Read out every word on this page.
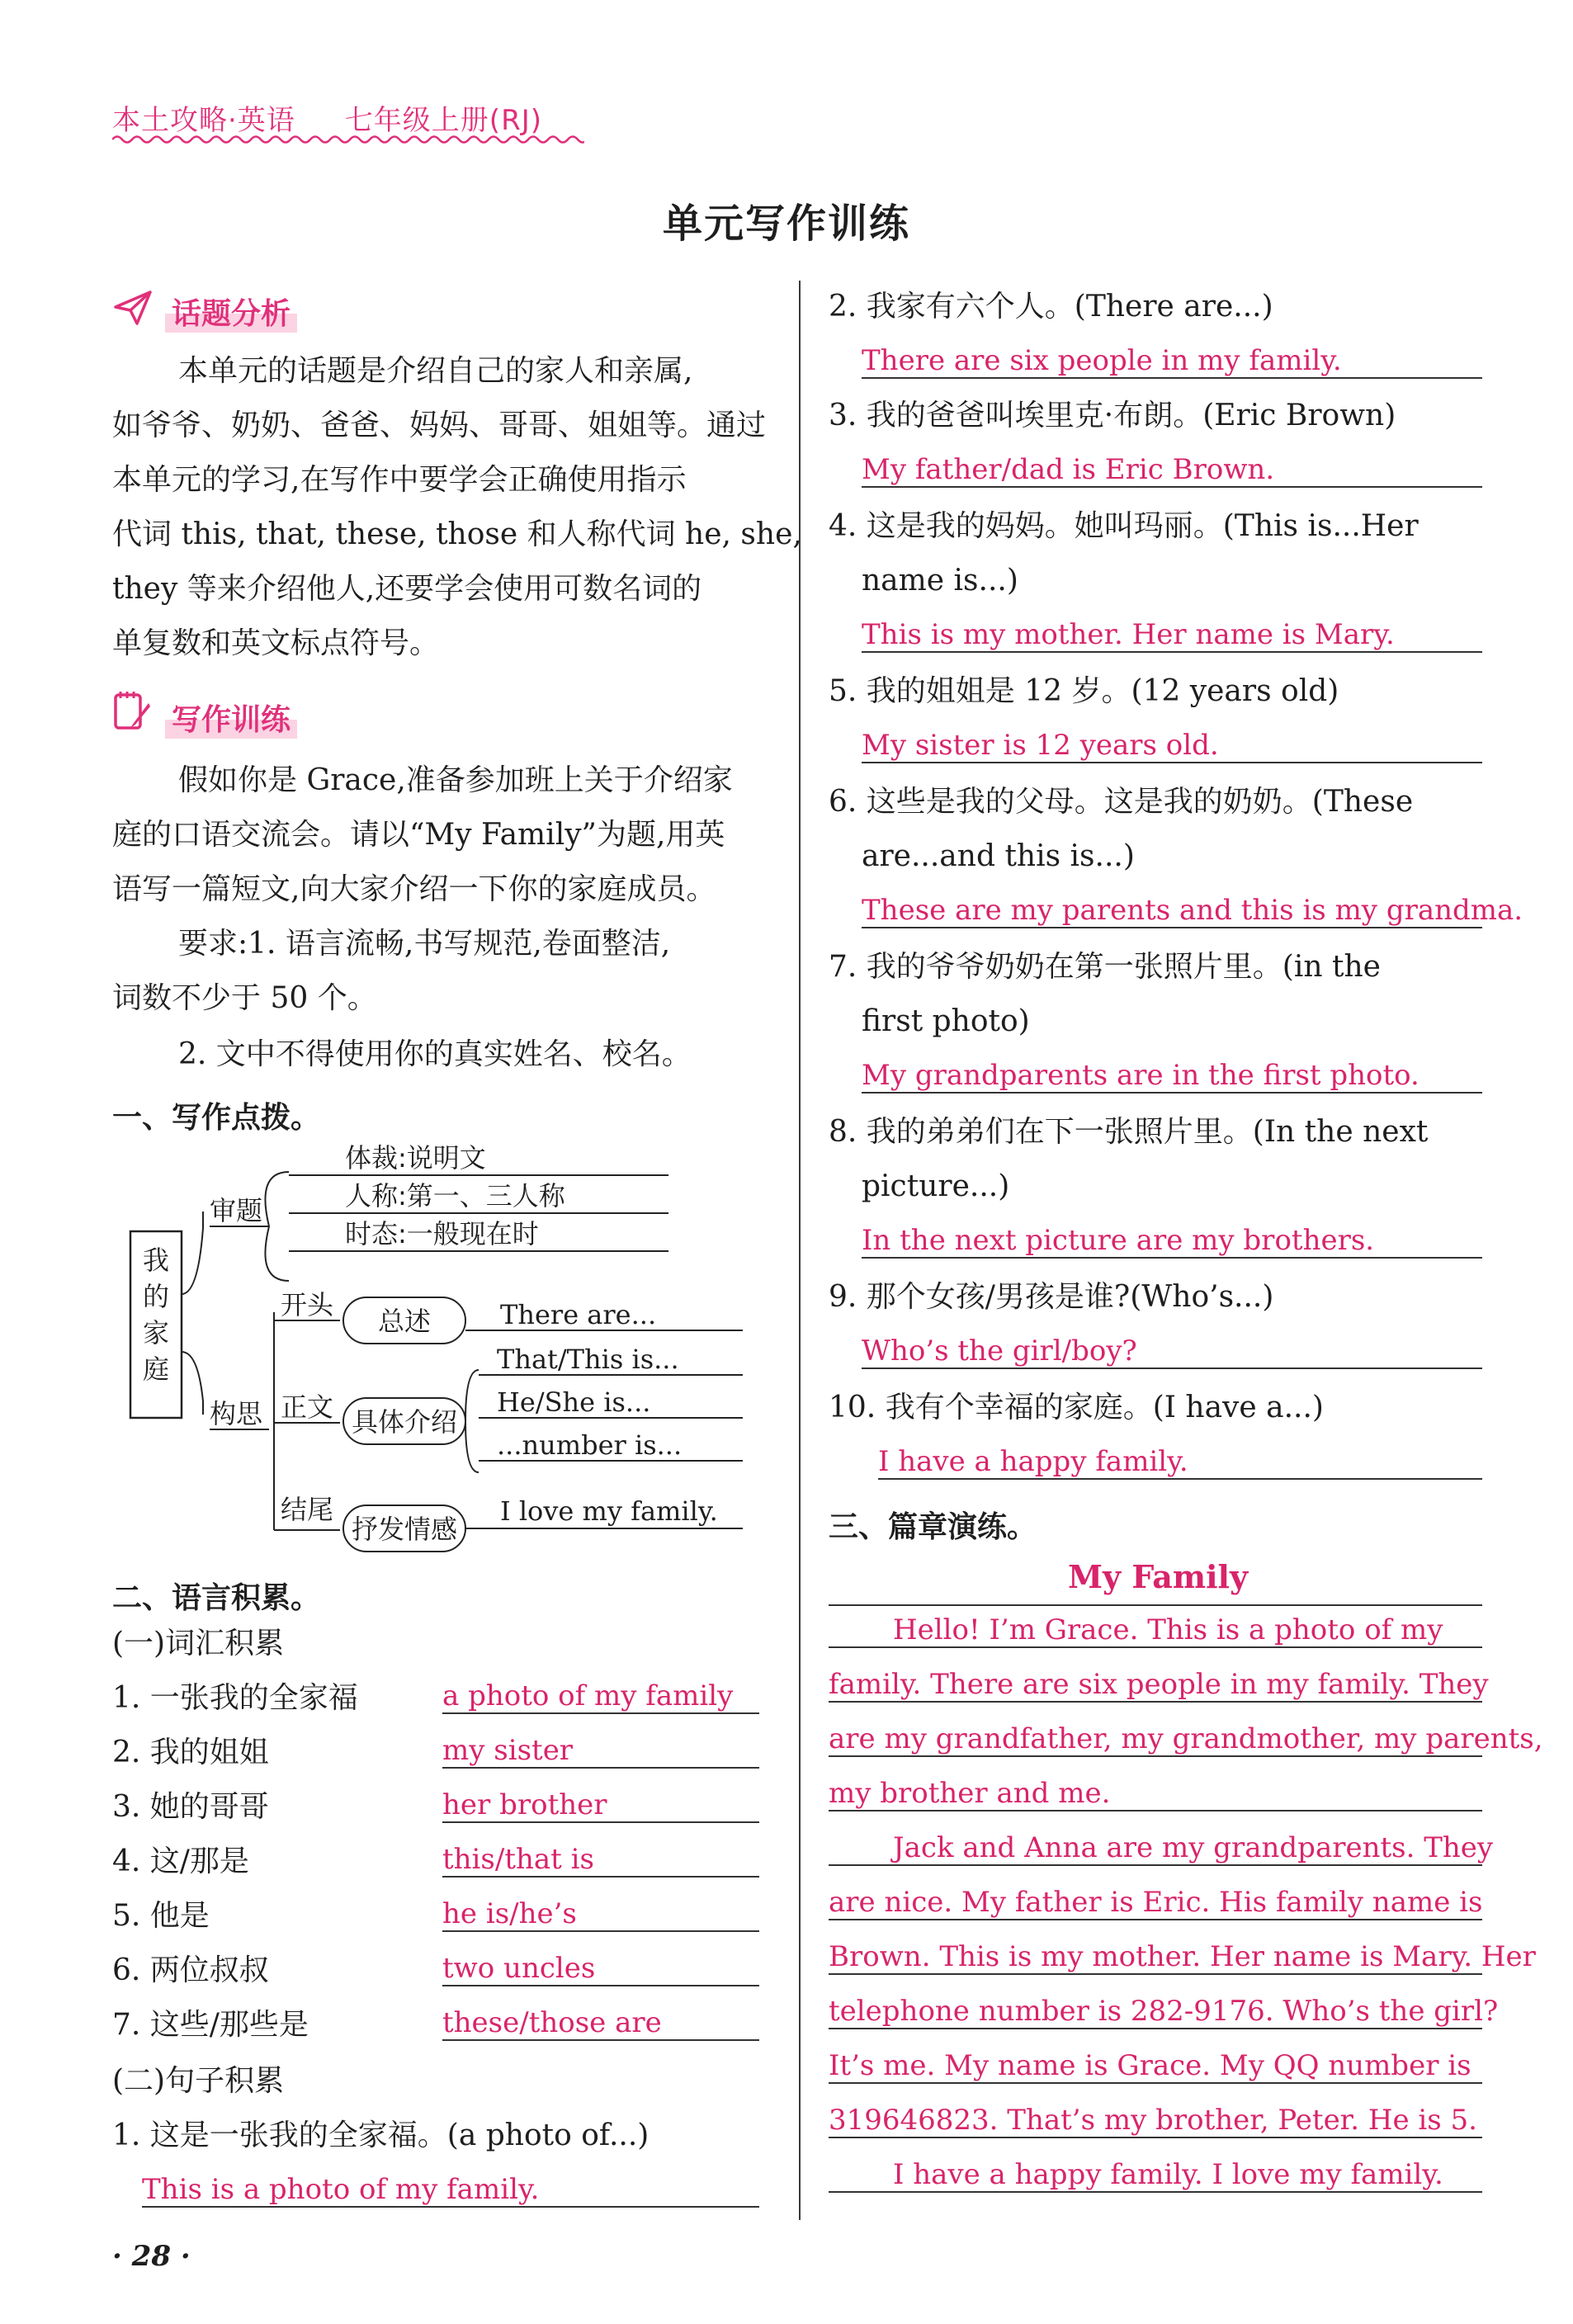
本土攻略·英语 七年级上册(RJ)
单元写作训练
话题分析
本单元的话题是介绍自己的家人和亲属,
如爷爷、奶奶、爸爸、妈妈、哥哥、姐姐等。通过
本单元的学习,在写作中要学会正确使用指示
代词 this, that, these, those 和人称代词 he, she,
they 等来介绍他人,还要学会使用可数名词的
单复数和英文标点符号。
写作训练
假如你是 Grace,准备参加班上关于介绍家
庭的口语交流会。请以“My Family”为题,用英
语写一篇短文,向大家介绍一下你的家庭成员。
要求:1. 语言流畅,书写规范,卷面整洁,
词数不少于 50 个。
2. 文中不得使用你的真实姓名、校名。
一、写作点拨。
我
的
家
庭
审题
体裁:说明文
人称:第一、三人称
时态:一般现在时
构思
开头
总述	There are...
正文 具体介绍
That/This is...
He/She is...
...number is...
结尾
抒发情感
I love my family.
二、语言积累。
(一)词汇积累
1. 一张我的全家福	a photo of my family
2. 我的姐姐	my sister
3. 她的哥哥	her brother
4. 这/那是	this/that is
5. 他是	he is/he’s
6. 两位叔叔	two uncles
7. 这些/那些是	these/those are
(二)句子积累
1. 这是一张我的全家福。(a photo of...)
This is a photo of my family.
· 28 ·
2. 我家有六个人。(There are...)
There are six people in my family.
3. 我的爸爸叫埃里克·布朗。(Eric Brown)
My father/dad is Eric Brown.
4. 这是我的妈妈。她叫玛丽。(This is...Her
name is...)
This is my mother. Her name is Mary.
5. 我的姐姐是 12 岁。(12 years old)
My sister is 12 years old.
6. 这些是我的父母。这是我的奶奶。(These
are...and this is...)
These are my parents and this is my grandma.
7. 我的爷爷奶奶在第一张照片里。(in the
first photo)
My grandparents are in the first photo.
8. 我的弟弟们在下一张照片里。(In the next
picture...)
In the next picture are my brothers.
9. 那个女孩/男孩是谁?(Who’s...)
Who’s the girl/boy?
10. 我有个幸福的家庭。(I have a...)
I have a happy family.
三、篇章演练。
My Family
Hello! I’m Grace. This is a photo of my
family. There are six people in my family. They
are my grandfather, my grandmother, my parents,
my brother and me.
Jack and Anna are my grandparents. They
are nice. My father is Eric. His family name is
Brown. This is my mother. Her name is Mary. Her
telephone number is 282-9176. Who’s the girl?
It’s me. My name is Grace. My QQ number is
319646823. That’s my brother, Peter. He is 5.
I have a happy family. I love my family.
